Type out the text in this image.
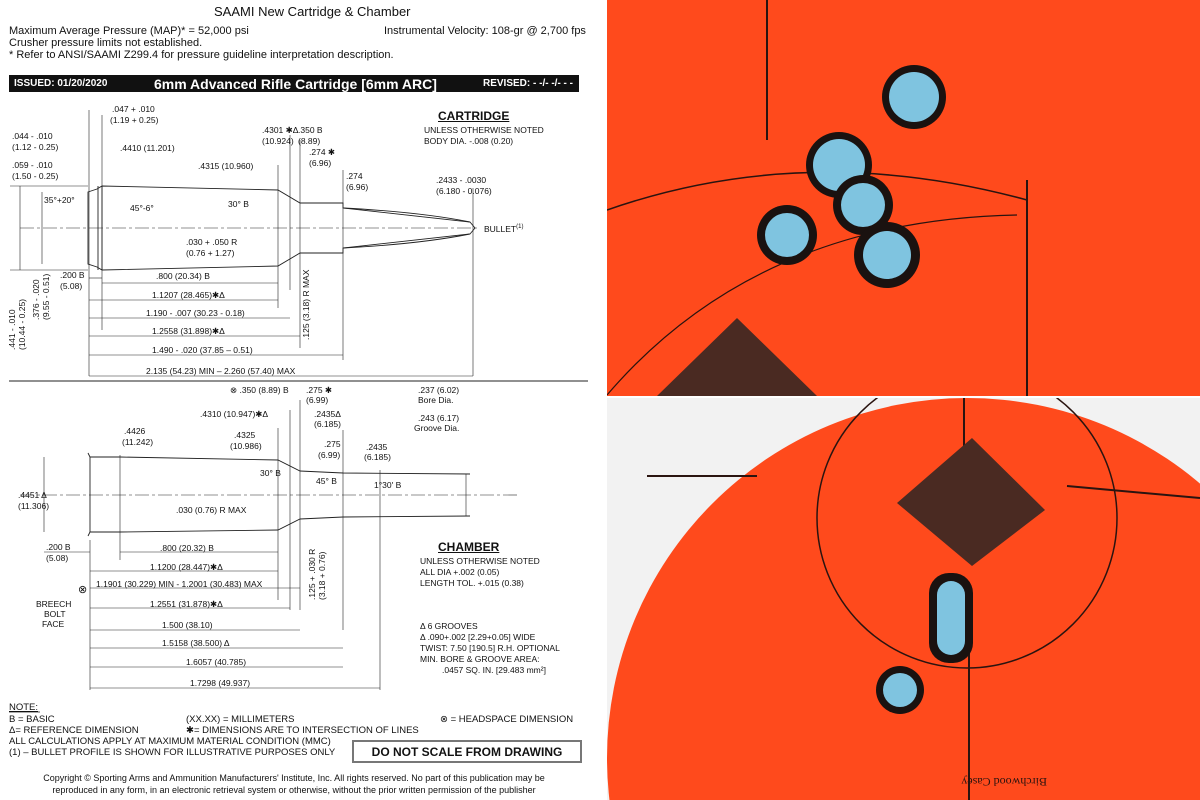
SAAMI New Cartridge & Chamber
Maximum Average Pressure (MAP)* = 52,000 psi
Crusher pressure limits not established.
* Refer to ANSI/SAAMI Z299.4 for pressure guideline interpretation description.
Instrumental Velocity: 108-gr @ 2,700 fps
ISSUED: 01/20/2020	6mm Advanced Rifle Cartridge [6mm ARC]	REVISED: - -/- -/- - - -
CARTRIDGE
UNLESS OTHERWISE NOTED
BODY DIA. -.008 (0.20)
BULLET$^{(1)}$
.047 + .010
(1.19 + 0.25)
.044 - .010
(1.12 - 0.25)	.4410 (11.201)
.059 - .010
(1.50 - 0.25)
35°+20°
45°-6°
.4315 (10.960)
30° B
.4301 ✱Δ
(10.924)
.350 B
(8.89)
.274 ✱
(6.96)
.274
(6.96)
.2433 - .0030
(6.180 - 0.076)
.030 + .050 R
(0.76 + 1.27)
.200 B
(5.08)
.800 (20.34) B
1.1207 (28.465)✱Δ
1.190 - .007 (30.23 - 0.18)
1.2558 (31.898)✱Δ
1.490 - .020 (37.85 – 0.51)
2.135 (54.23) MIN – 2.260 (57.40) MAX
.125 (3.18) R MAX
.441 - .010 (10.44 - 0.25) .376 - .020 (9.55 - 0.51)
⊗ .350 (8.89) B .275 ✱
(6.99)
.237 (6.02)
Bore Dia.
.243 (6.17)
Groove Dia.
.4310 (10.947)✱Δ	.2435Δ
(6.185)
.4426
(11.242)
.4325
(10.986)	.275
(6.99)
.2435
(6.185)
.4451 Δ
(11.306)
30° B
45° B	1°30' B
.030 (0.76) R MAX
.200 B
(5.08)
.800 (20.32) B
1.1200 (28.447)✱Δ
1.1901 (30.229) MIN - 1.2001 (30.483) MAX
1.2551 (31.878)✱Δ
1.500 (38.10)
1.5158 (38.500) Δ
1.6057 (40.785)
1.7298 (49.937)
.125 + .030 R (3.18 + 0.76)
⊗
BREECH
BOLT
FACE
CHAMBER
UNLESS OTHERWISE NOTED
ALL DIA +.002 (0.05)
LENGTH TOL. +.015 (0.38)
Δ 6 GROOVES
Δ .090+.002 [2.29+0.05] WIDE
TWIST: 7.50 [190.5] R.H. OPTIONAL
MIN. BORE & GROOVE AREA:
.0457 SQ. IN. [29.483 mm²]
NOTE:
B = BASIC
Δ= REFERENCE DIMENSION
ALL CALCULATIONS APPLY AT MAXIMUM MATERIAL CONDITION (MMC)
(1) – BULLET PROFILE IS SHOWN FOR ILLUSTRATIVE PURPOSES ONLY
(XX.XX) = MILLIMETERS
✱= DIMENSIONS ARE TO INTERSECTION OF LINES
⊗ = HEADSPACE DIMENSION
DO NOT SCALE FROM DRAWING
Copyright © Sporting Arms and Ammunition Manufacturers' Institute, Inc. All rights reserved. No part of this publication may be
reproduced in any form, in an electronic retrieval system or otherwise, without the prior written permission of the publisher
Birchwood Casey
